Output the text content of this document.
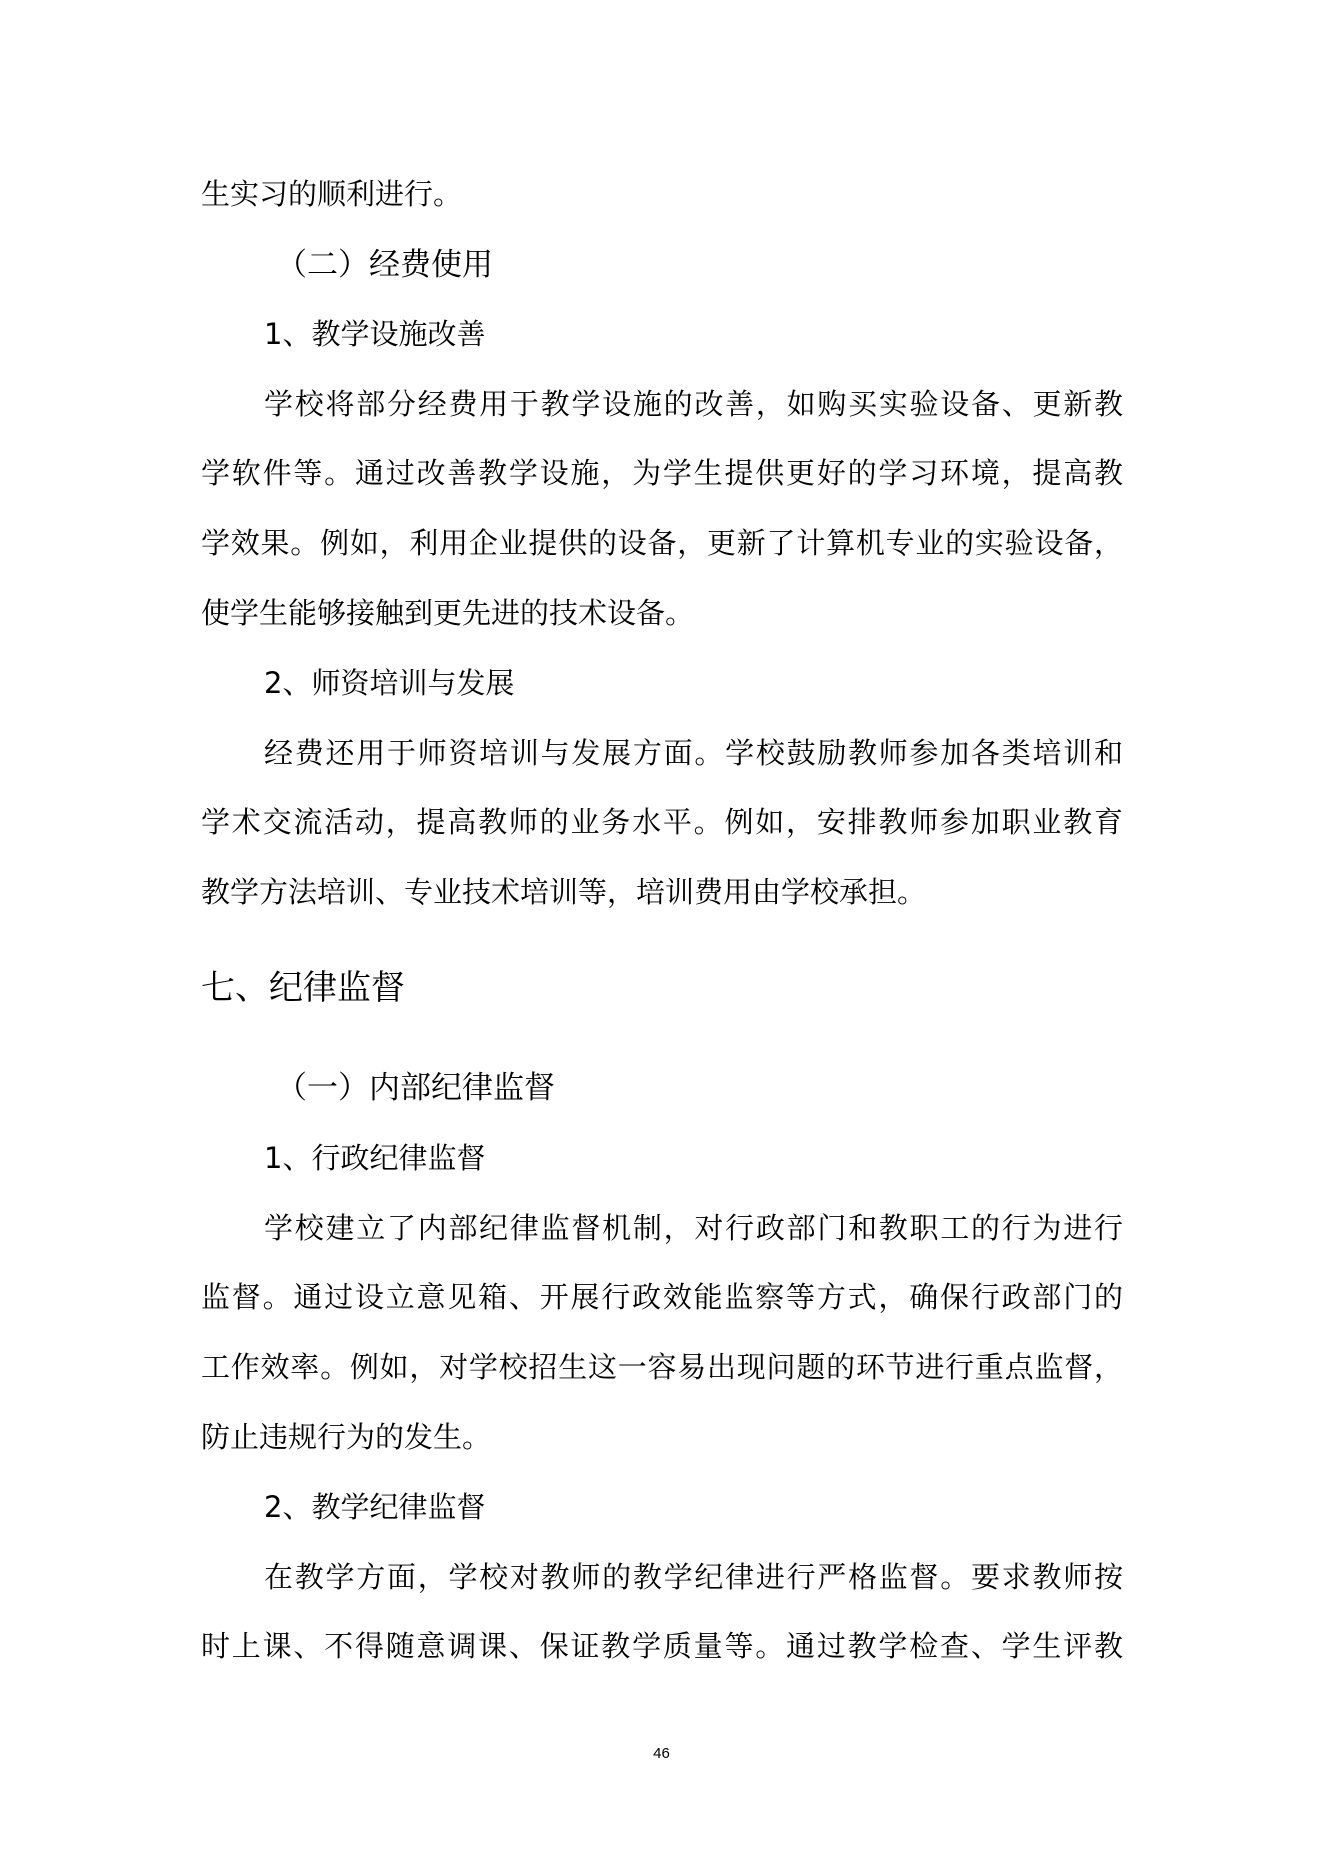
生实习的顺利进行。
（二）经费使用
1、教学设施改善
学校将部分经费用于教学设施的改善，如购买实验设备、更新教
学软件等。通过改善教学设施，为学生提供更好的学习环境，提高教
学效果。例如，利用企业提供的设备，更新了计算机专业的实验设备，
使学生能够接触到更先进的技术设备。
2、师资培训与发展
经费还用于师资培训与发展方面。学校鼓励教师参加各类培训和
学术交流活动，提高教师的业务水平。例如，安排教师参加职业教育
教学方法培训、专业技术培训等，培训费用由学校承担。
七、纪律监督
（一）内部纪律监督
1、行政纪律监督
学校建立了内部纪律监督机制，对行政部门和教职工的行为进行
监督。通过设立意见箱、开展行政效能监察等方式，确保行政部门的
工作效率。例如，对学校招生这一容易出现问题的环节进行重点监督，
防止违规行为的发生。
2、教学纪律监督
在教学方面，学校对教师的教学纪律进行严格监督。要求教师按
时上课、不得随意调课、保证教学质量等。通过教学检查、学生评教
46
